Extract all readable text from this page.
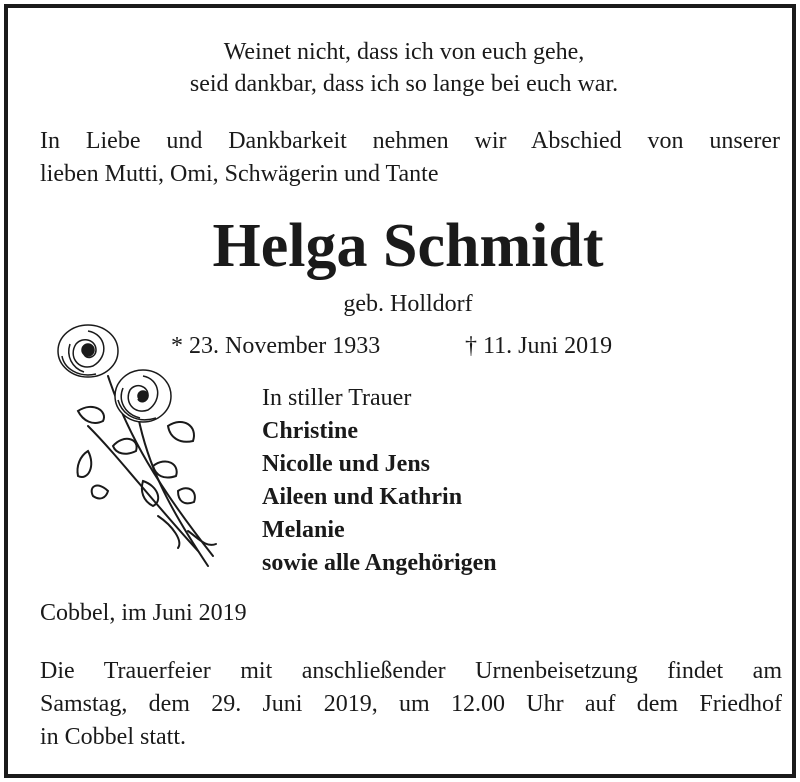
Weinet nicht, dass ich von euch gehe,
seid dankbar, dass ich so lange bei euch war.
In Liebe und Dankbarkeit nehmen wir Abschied von unserer
lieben Mutti, Omi, Schwägerin und Tante
Helga Schmidt
geb. Holldorf
* 23. November 1933	† 11. Juni 2019
In stiller Trauer
Christine
Nicolle und Jens
Aileen und Kathrin
Melanie
sowie alle Angehörigen
Cobbel, im Juni 2019
Die Trauerfeier mit anschließender Urnenbeisetzung findet am
Samstag, dem 29. Juni 2019, um 12.00 Uhr auf dem Friedhof
in Cobbel statt.
